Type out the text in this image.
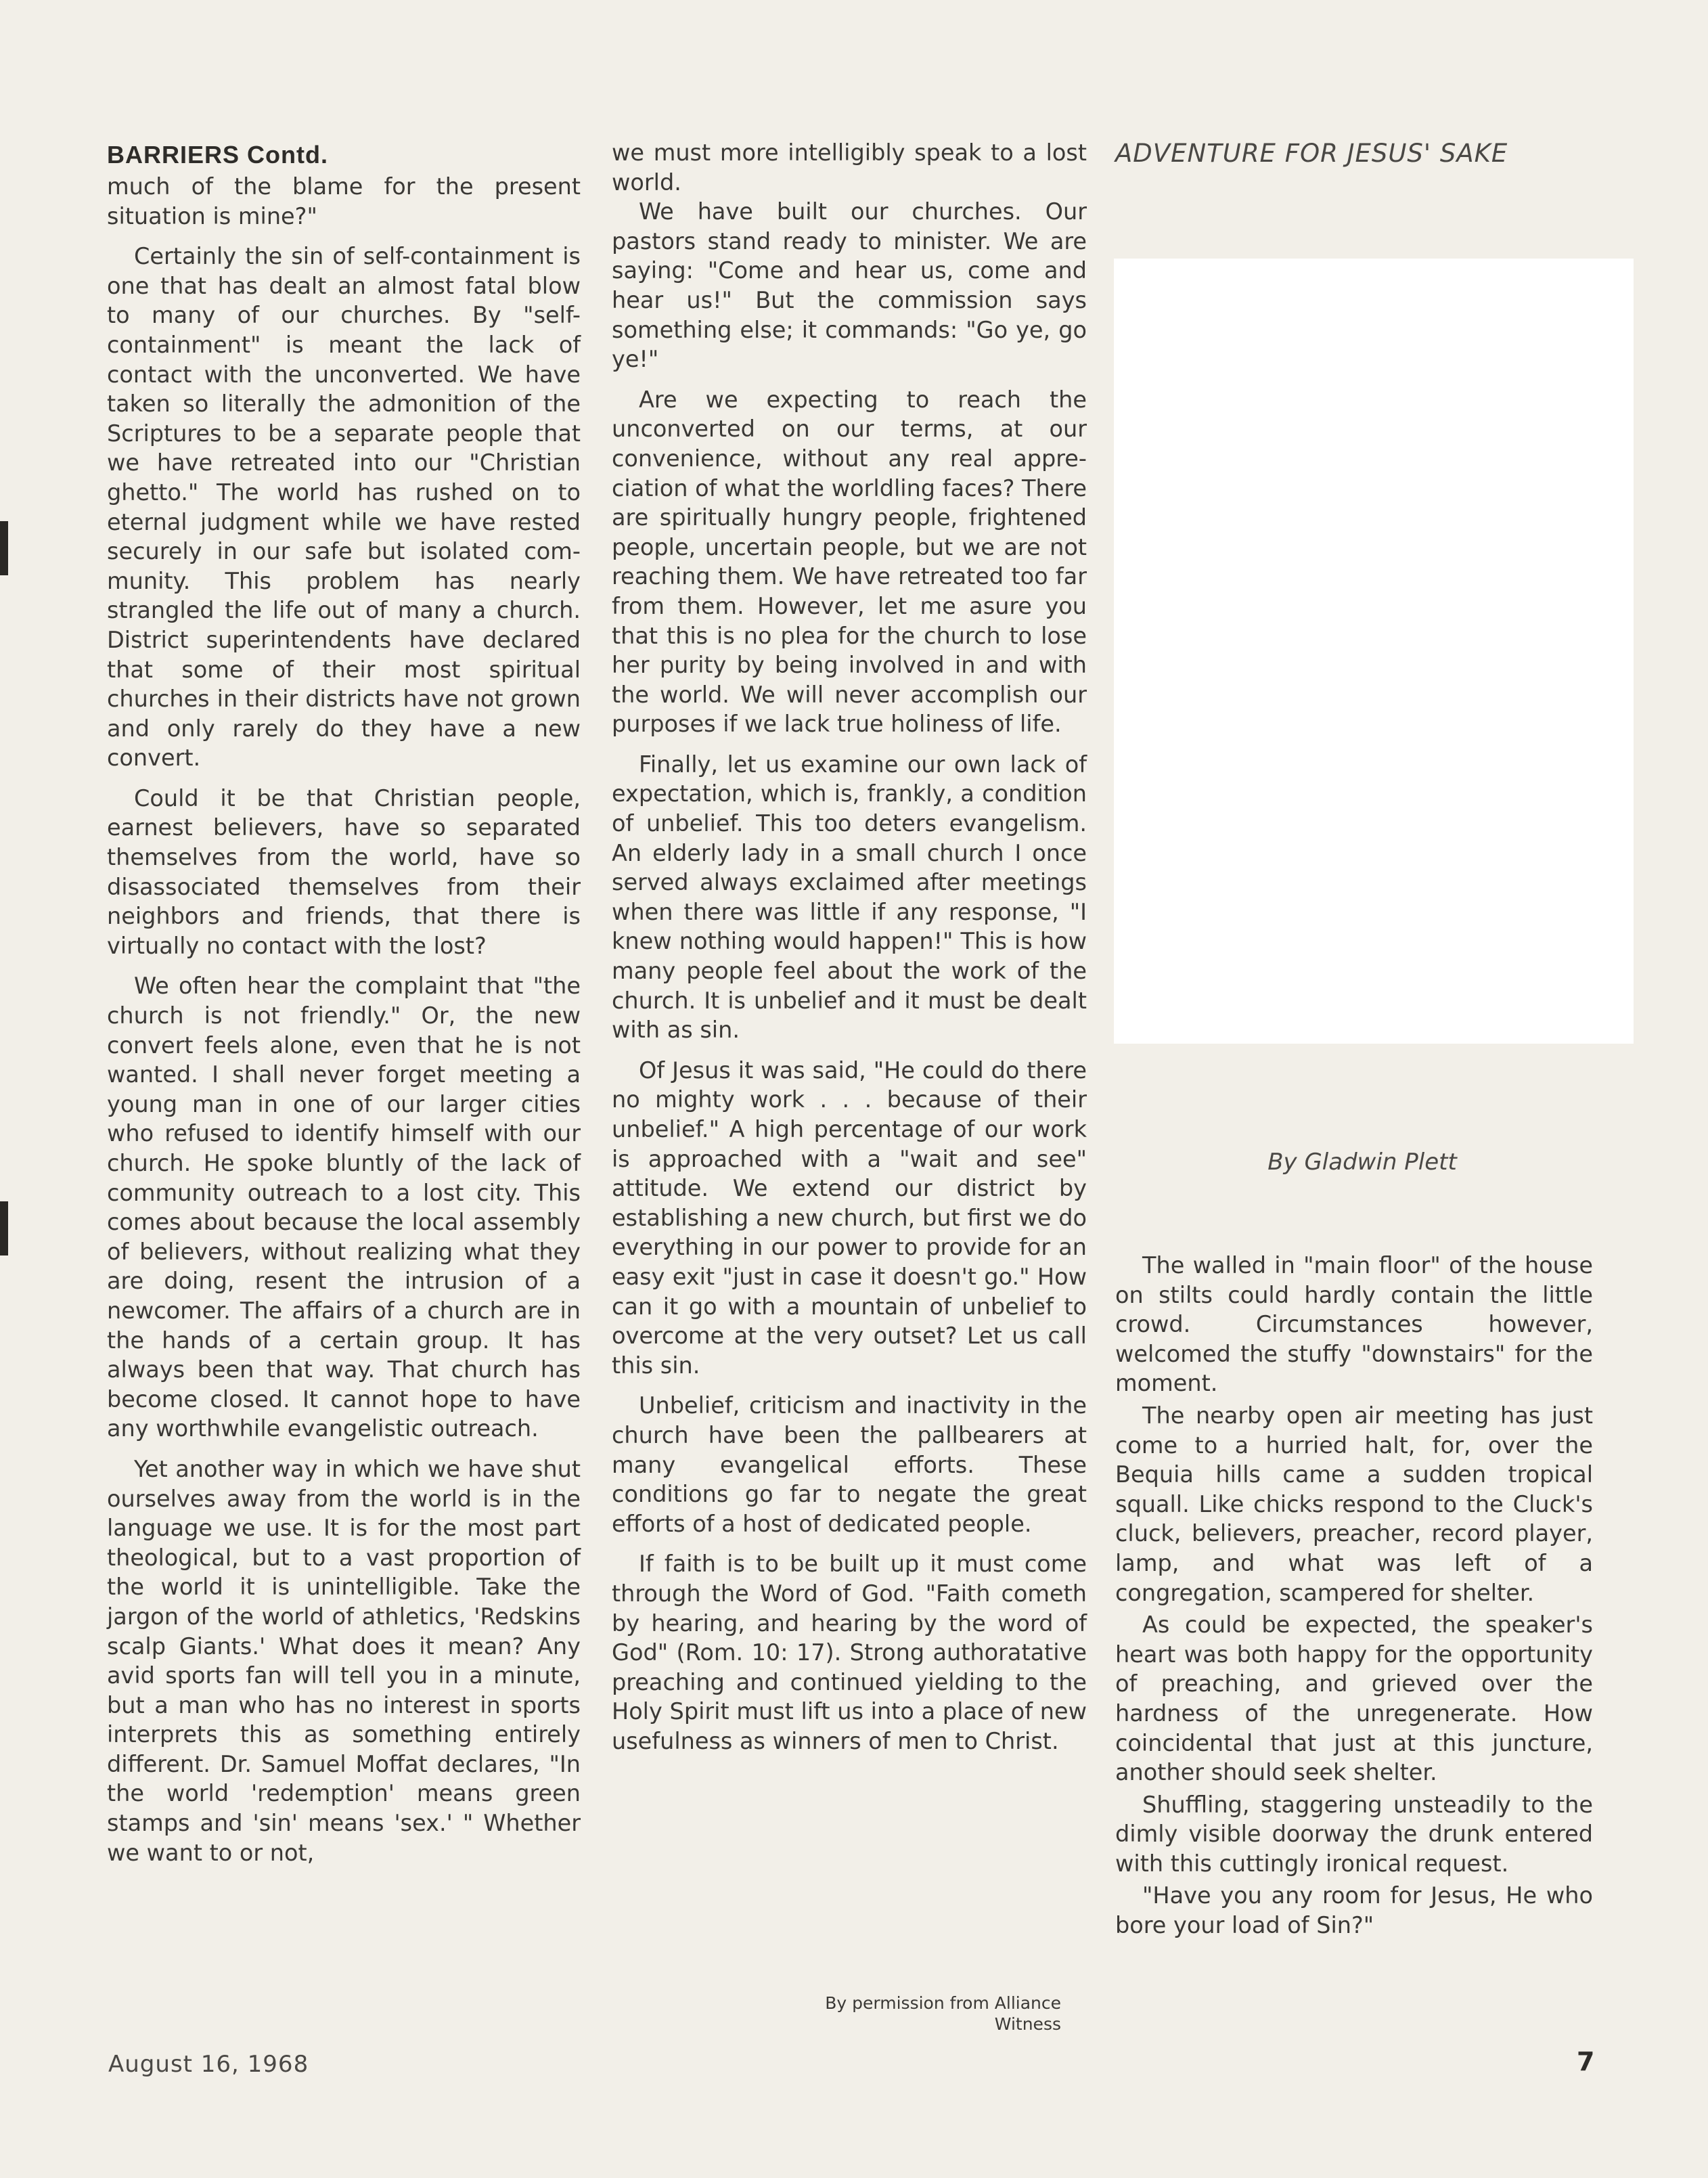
BARRIERS Contd.

much of the blame for the present situation is mine?"

Certainly the sin of self-containment is one that has dealt an almost fatal blow to many of our churches. By "self-containment" is meant the lack of contact with the unconverted. We have taken so literally the admonition of the Scriptures to be a separate people that we have retreated into our "Christian ghetto." The world has rushed on to eternal judgment while we have rested securely in our safe but isolated community. This problem has nearly strangled the life out of many a church. District superintendents have declared that some of their most spiritual churches in their districts have not grown and only rarely do they have a new convert.

Could it be that Christian people, earnest believers, have so separated themselves from the world, have so disassociated themselves from their neighbors and friends, that there is virtually no contact with the lost?

We often hear the complaint that "the church is not friendly." Or, the new convert feels alone, even that he is not wanted. I shall never forget meeting a young man in one of our larger cities who refused to identify himself with our church. He spoke bluntly of the lack of community outreach to a lost city. This comes about because the local assembly of believers, without realizing what they are doing, resent the intrusion of a newcomer. The affairs of a church are in the hands of a certain group. It has always been that way. That church has become closed. It cannot hope to have any worthwhile evangelistic outreach.

Yet another way in which we have shut ourselves away from the world is in the language we use. It is for the most part theological, but to a vast proportion of the world it is unintelligible. Take the jargon of the world of athletics, 'Redskins scalp Giants.' What does it mean? Any avid sports fan will tell you in a minute, but a man who has no interest in sports interprets this as something entirely different. Dr. Samuel Moffat declares, "In the world 'redemption' means green stamps and 'sin' means 'sex.' " Whether we want to or not,

we must more intelligibly speak to a lost world.

We have built our churches. Our pastors stand ready to minister. We are saying: "Come and hear us, come and hear us!" But the commission says something else; it commands: "Go ye, go ye!"

Are we expecting to reach the unconverted on our terms, at our convenience, without any real appreciation of what the worldling faces? There are spiritually hungry people, frightened people, uncertain people, but we are not reaching them. We have retreated too far from them. However, let me asure you that this is no plea for the church to lose her purity by being involved in and with the world. We will never accomplish our purposes if we lack true holiness of life.

Finally, let us examine our own lack of expectation, which is, frankly, a condition of unbelief. This too deters evangelism. An elderly lady in a small church I once served always exclaimed after meetings when there was little if any response, "I knew nothing would happen!" This is how many people feel about the work of the church. It is unbelief and it must be dealt with as sin.

Of Jesus it was said, "He could do there no mighty work . . . because of their unbelief." A high percentage of our work is approached with a "wait and see" attitude. We extend our district by establishing a new church, but first we do everything in our power to provide for an easy exit "just in case it doesn't go." How can it go with a mountain of unbelief to overcome at the very outset? Let us call this sin.

Unbelief, criticism and inactivity in the church have been the pallbearers at many evangelical efforts. These conditions go far to negate the great efforts of a host of dedicated people.

If faith is to be built up it must come through the Word of God. "Faith cometh by hearing, and hearing by the word of God" (Rom. 10: 17). Strong authoratative preaching and continued yielding to the Holy Spirit must lift us into a place of new usefulness as winners of men to Christ.

By permission from Alliance
Witness
ADVENTURE FOR JESUS' SAKE
By Gladwin Plett

The walled in "main floor" of the house on stilts could hardly contain the little crowd. Circumstances however, welcomed the stuffy "downstairs" for the moment.

The nearby open air meeting has just come to a hurried halt, for, over the Bequia hills came a sudden tropical squall. Like chicks respond to the Cluck's cluck, believers, preacher, record player, lamp, and what was left of a congregation, scampered for shelter.

As could be expected, the speaker's heart was both happy for the opportunity of preaching, and grieved over the hardness of the unregenerate. How coincidental that just at this juncture, another should seek shelter.

Shuffling, staggering unsteadily to the dimly visible doorway the drunk entered with this cuttingly ironical request.

"Have you any room for Jesus, He who bore your load of Sin?"

August 16, 1968	7
